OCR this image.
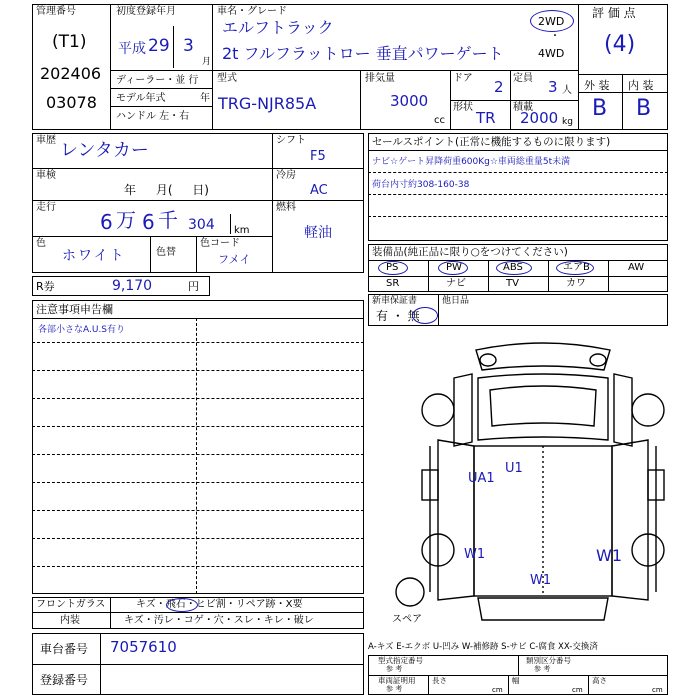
管理番号
(T1)
202406
03078
初度登録年月
平成 29 3
月
ディーラー・並 行
モデル年式	年
ハンドル 左・右
車名・グレード
エルフトラック
2t フルフラットロー 垂直パワーゲート
2WD
・
4WD
評 価 点
(4)
外 装 内 装
B B
型式
TRG-NJR85A
排気量
3000
cc
ドア 2 定員 3 人
形状
TR
積載
2000 kg
車歴 レンタカー
車検
年 月( 日)
走行
6 万 6 千 304 km
色
ホワイト	色替
色コード
フメイ
シフト
F5
冷房
AC
燃料
軽油
R券	9,170	円
セールスポイント(正常に機能するものに限ります)
ナビ☆ゲート昇降荷重600Kg☆車両総重量5t未満
荷台内寸約308-160-38
装備品(純正品に限り○をつけてください)
PS	PW	ABS	エアB	AW
SR	ナビ	TV	カワ
新車保証書
有 ・ 無
他日品
注意事項申告欄
各部小さなA.U.S有り
UA1
U1
W1	W1
W1
スペア
フロントガラス	キズ・飛石・ヒビ割・リペア跡・X要
内装	キズ・汚レ・コゲ・穴・スレ・キレ・破レ
車台番号 7057610
登録番号
A-キズ E-エクボ U-凹み W-補修跡 S-サビ C-腐食 XX-交換済
型式指定番号
参 考
類別区分番号
参 考
車両証明用
参 考
長さ
cm
幅
cm
高さ
cm
